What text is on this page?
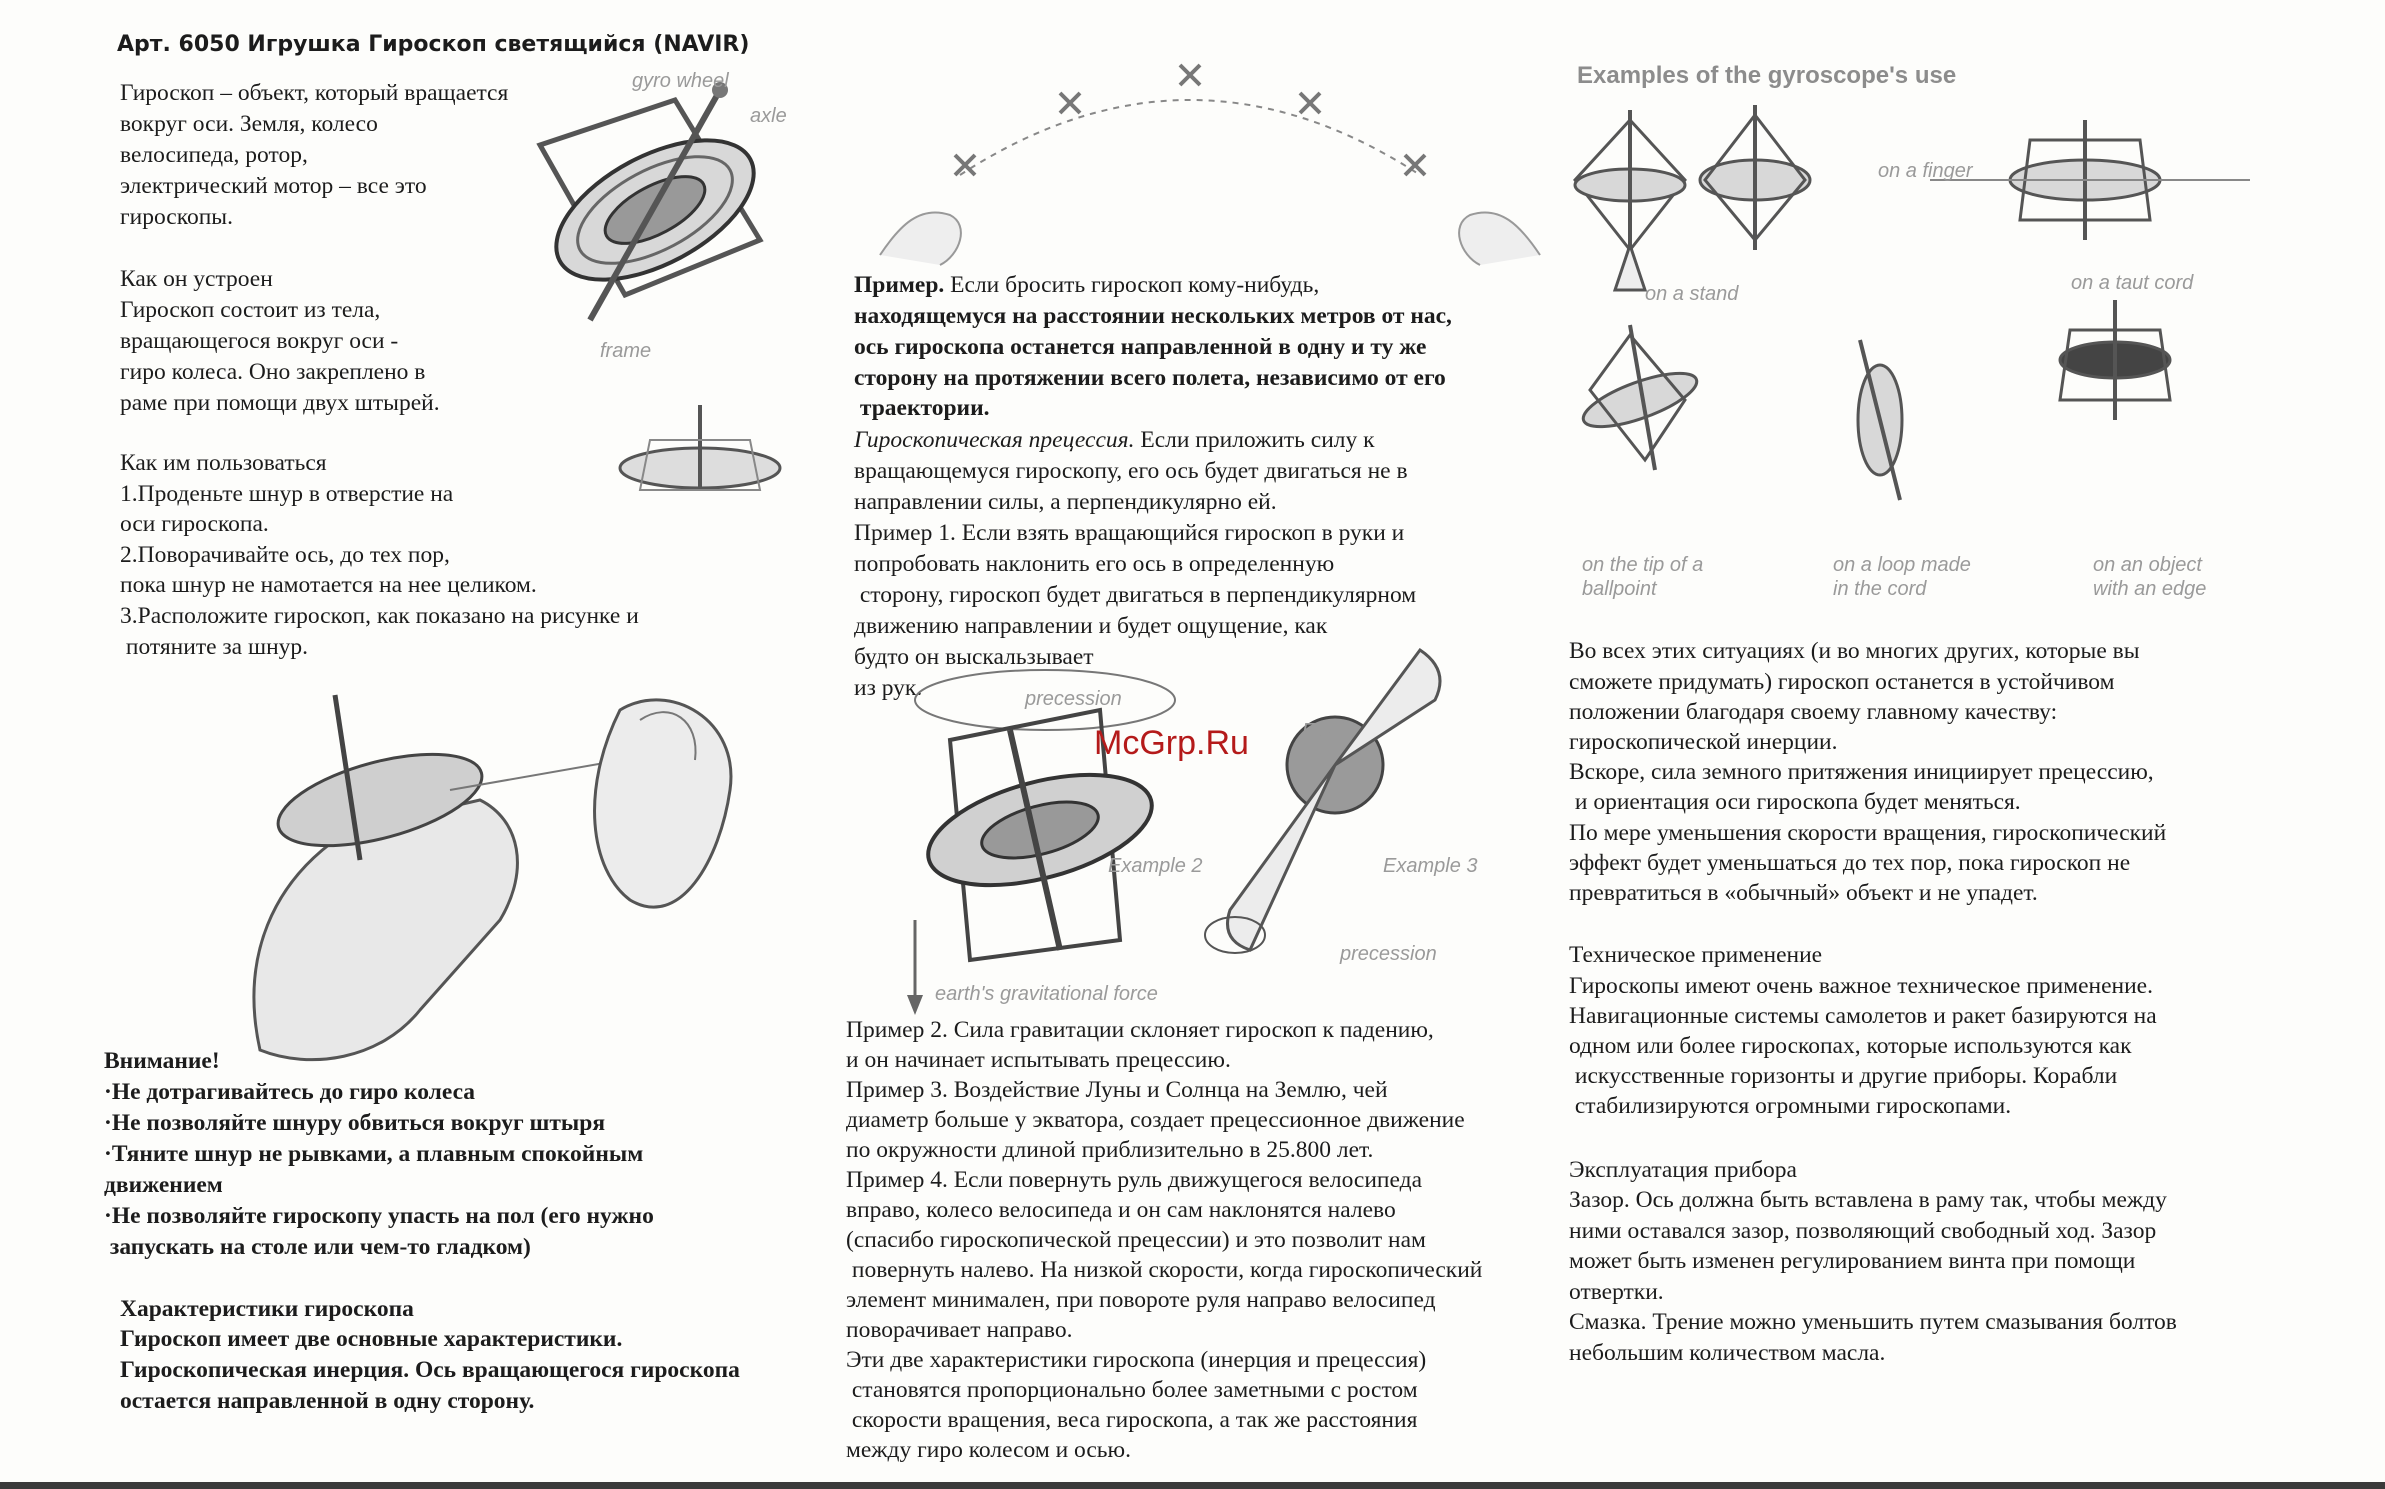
Арт. 6050 Игрушка Гироскоп светящийся (NAVIR)
Гироскоп – объект, который вращается
вокруг оси. Земля, колесо
велосипеда, ротор,
электрический мотор – все это
гироскопы.
Как он устроен
Гироскоп состоит из тела,
вращающегося вокруг оси -
гиро колеса. Оно закреплено в
раме при помощи двух штырей.
Как им пользоваться
1.Проденьте шнур в отверстие на
оси гироскопа.
2.Поворачивайте ось, до тех пор,
пока шнур не намотается на нее целиком.
3.Расположите гироскоп, как показано на рисунке и
потяните за шнур.
Внимание!
·Не дотрагивайтесь до гиро колеса
·Не позволяйте шнуру обвиться вокруг штыря
·Тяните шнур не рывками, а плавным спокойным
движением
·Не позволяйте гироскопу упасть на пол (его нужно
запускать на столе или чем-то гладком)
Характеристики гироскопа
Гироскоп имеет две основные характеристики.
Гироскопическая инерция. Ось вращающегося гироскопа
остается направленной в одну сторону.
gyro wheel
axle
frame
Пример. Если бросить гироскоп кому-нибудь,
находящемуся на расстоянии нескольких метров от нас,
ось гироскопа останется направленной в одну и ту же
сторону на протяжении всего полета, независимо от его
траектории.
Гироскопическая прецессия. Если приложить силу к
вращающемуся гироскопу, его ось будет двигаться не в
направлении силы, а перпендикулярно ей.
Пример 1. Если взять вращающийся гироскоп в руки и
попробовать наклонить его ось в определенную
сторону, гироскоп будет двигаться в перпендикулярном
движению направлении и будет ощущение, как
будто он выскальзывает
из рук.
Пример 2. Сила гравитации склоняет гироскоп к падению,
и он начинает испытывать прецессию.
Пример 3. Воздействие Луны и Солнца на Землю, чей
диаметр больше у экватора, создает прецессионное движение
по окружности длиной приблизительно в 25.800 лет.
Пример 4. Если повернуть руль движущегося велосипеда
вправо, колесо велосипеда и он сам наклонятся налево
(спасибо гироскопической прецессии) и это позволит нам
повернуть налево. На низкой скорости, когда гироскопический
элемент минимален, при повороте руля направо велосипед
поворачивает направо.
Эти две характеристики гироскопа (инерция и прецессия)
становятся пропорционально более заметными с ростом
скорости вращения, веса гироскопа, а так же расстояния
между гиро колесом и осью.
precession
Earth
Example 2	Example 3
precession
earth's gravitational force
Examples of the gyroscope's use
on a finger
on a stand	on a taut cord
on the tip of a
ballpoint
on a loop made
in the cord
on an object
with an edge
Во всех этих ситуациях (и во многих других, которые вы
сможете придумать) гироскоп останется в устойчивом
положении благодаря своему главному качеству:
гироскопической инерции.
Вскоре, сила земного притяжения инициирует прецессию,
и ориентация оси гироскопа будет меняться.
По мере уменьшения скорости вращения, гироскопический
эффект будет уменьшаться до тех пор, пока гироскоп не
превратиться в «обычный» объект и не упадет.
Техническое применение
Гироскопы имеют очень важное техническое применение.
Навигационные системы самолетов и ракет базируются на
одном или более гироскопах, которые используются как
искусственные горизонты и другие приборы. Корабли
стабилизируются огромными гироскопами.
Эксплуатация прибора
Зазор. Ось должна быть вставлена в раму так, чтобы между
ними оставался зазор, позволяющий свободный ход. Зазор
может быть изменен регулированием винта при помощи
отвертки.
Смазка. Трение можно уменьшить путем смазывания болтов
небольшим количеством масла.
McGrp.Ru
